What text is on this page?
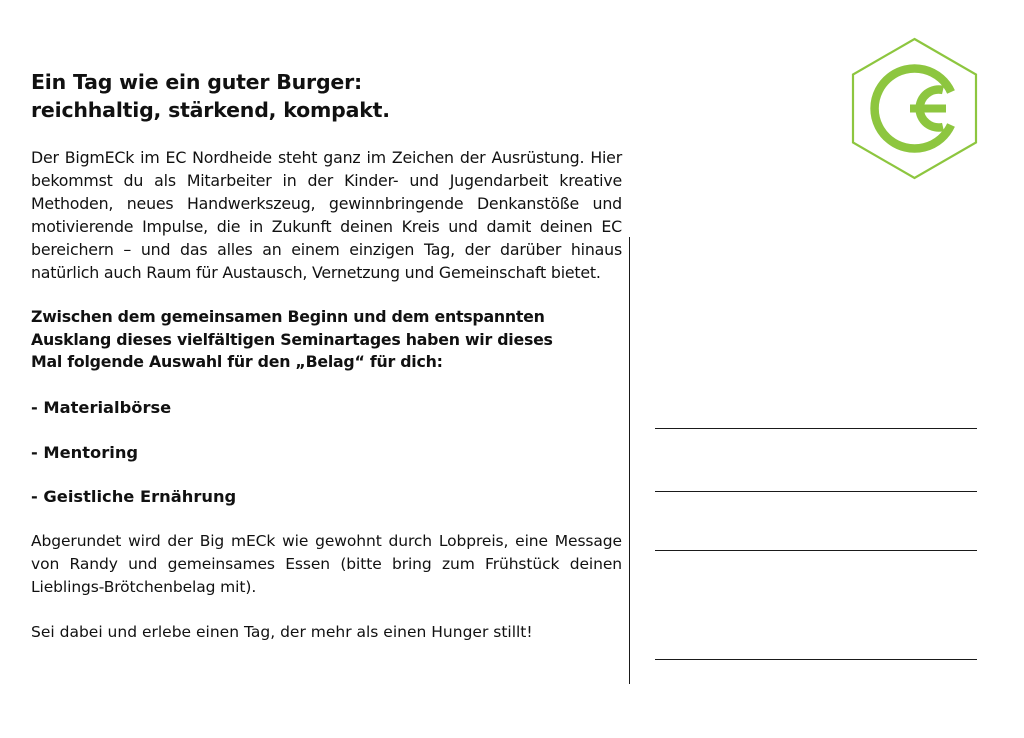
Ein Tag wie ein guter Burger:
reichhaltig, stärkend, kompakt.

Der BigmECk im EC Nordheide steht ganz im Zeichen der Ausrüstung. Hier bekommst du als Mitarbeiter in der Kinder- und Jugendarbeit kreative Methoden, neues Handwerkszeug, gewinnbringende Denkanstöße und motivierende Impulse, die in Zukunft deinen Kreis und damit deinen EC bereichern – und das alles an einem einzigen Tag, der darüber hinaus natürlich auch Raum für Austausch, Vernetzung und Gemeinschaft bietet.

Zwischen dem gemeinsamen Beginn und dem entspannten
Ausklang dieses vielfältigen Seminartages haben wir dieses
Mal folgende Auswahl für den „Belag“ für dich:

- Materialbörse

- Mentoring

- Geistliche Ernährung

Abgerundet wird der Big mECk wie gewohnt durch Lobpreis, eine Message von Randy und gemeinsames Essen (bitte bring zum Frühstück deinen Lieblings-Brötchenbelag mit).

Sei dabei und erlebe einen Tag, der mehr als einen Hunger stillt!
